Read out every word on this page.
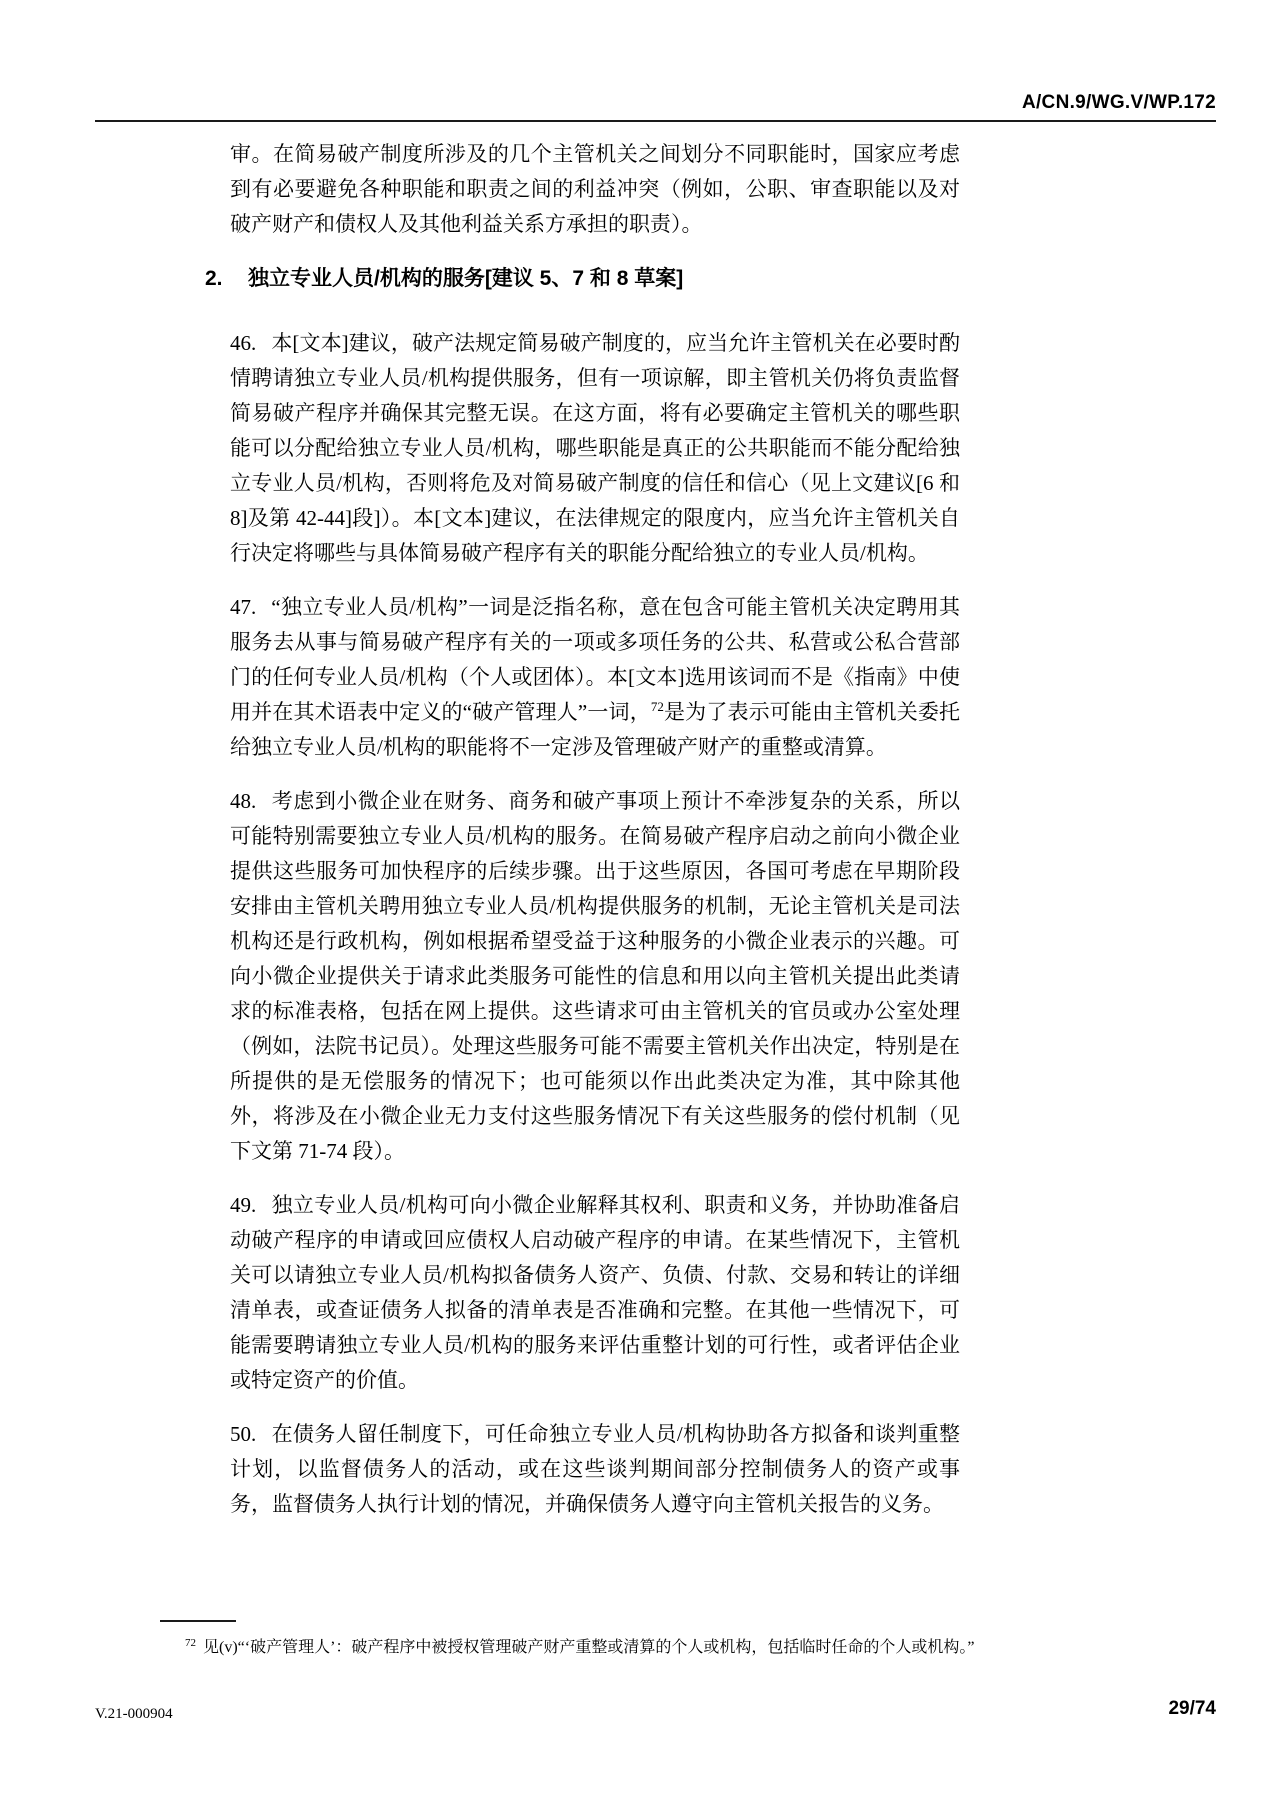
A/CN.9/WG.V/WP.172

审。在简易破产制度所涉及的几个主管机关之间划分不同职能时，国家应考虑到有必要避免各种职能和职责之间的利益冲突（例如，公职、审查职能以及对破产财产和债权人及其他利益关系方承担的职责）。

2. 独立专业人员/机构的服务[建议 5、7 和 8 草案]

46. 本[文本]建议，破产法规定简易破产制度的，应当允许主管机关在必要时酌情聘请独立专业人员/机构提供服务，但有一项谅解，即主管机关仍将负责监督简易破产程序并确保其完整无误。在这方面，将有必要确定主管机关的哪些职能可以分配给独立专业人员/机构，哪些职能是真正的公共职能而不能分配给独立专业人员/机构，否则将危及对简易破产制度的信任和信心（见上文建议[6 和 8]及第 42-44]段]）。本[文本]建议，在法律规定的限度内，应当允许主管机关自行决定将哪些与具体简易破产程序有关的职能分配给独立的专业人员/机构。

47. “独立专业人员/机构”一词是泛指名称，意在包含可能主管机关决定聘用其服务去从事与简易破产程序有关的一项或多项任务的公共、私营或公私合营部门的任何专业人员/机构（个人或团体）。本[文本]选用该词而不是《指南》中使用并在其术语表中定义的“破产管理人”一词，$^{72}$是为了表示可能由主管机关委托给独立专业人员/机构的职能将不一定涉及管理破产财产的重整或清算。

48. 考虑到小微企业在财务、商务和破产事项上预计不牵涉复杂的关系，所以可能特别需要独立专业人员/机构的服务。在简易破产程序启动之前向小微企业提供这些服务可加快程序的后续步骤。出于这些原因，各国可考虑在早期阶段安排由主管机关聘用独立专业人员/机构提供服务的机制，无论主管机关是司法机构还是行政机构，例如根据希望受益于这种服务的小微企业表示的兴趣。可向小微企业提供关于请求此类服务可能性的信息和用以向主管机关提出此类请求的标准表格，包括在网上提供。这些请求可由主管机关的官员或办公室处理（例如，法院书记员）。处理这些服务可能不需要主管机关作出决定，特别是在所提供的是无偿服务的情况下；也可能须以作出此类决定为准，其中除其他外，将涉及在小微企业无力支付这些服务情况下有关这些服务的偿付机制（见下文第 71-74 段）。

49. 独立专业人员/机构可向小微企业解释其权利、职责和义务，并协助准备启动破产程序的申请或回应债权人启动破产程序的申请。在某些情况下，主管机关可以请独立专业人员/机构拟备债务人资产、负债、付款、交易和转让的详细清单表，或查证债务人拟备的清单表是否准确和完整。在其他一些情况下，可能需要聘请独立专业人员/机构的服务来评估重整计划的可行性，或者评估企业或特定资产的价值。

50. 在债务人留任制度下，可任命独立专业人员/机构协助各方拟备和谈判重整计划，以监督债务人的活动，或在这些谈判期间部分控制债务人的资产或事务，监督债务人执行计划的情况，并确保债务人遵守向主管机关报告的义务。

$^{72}$ 见(v)“‘破产管理人’：破产程序中被授权管理破产财产重整或清算的个人或机构，包括临时任命的个人或机构。”
V.21-000904	29/74
